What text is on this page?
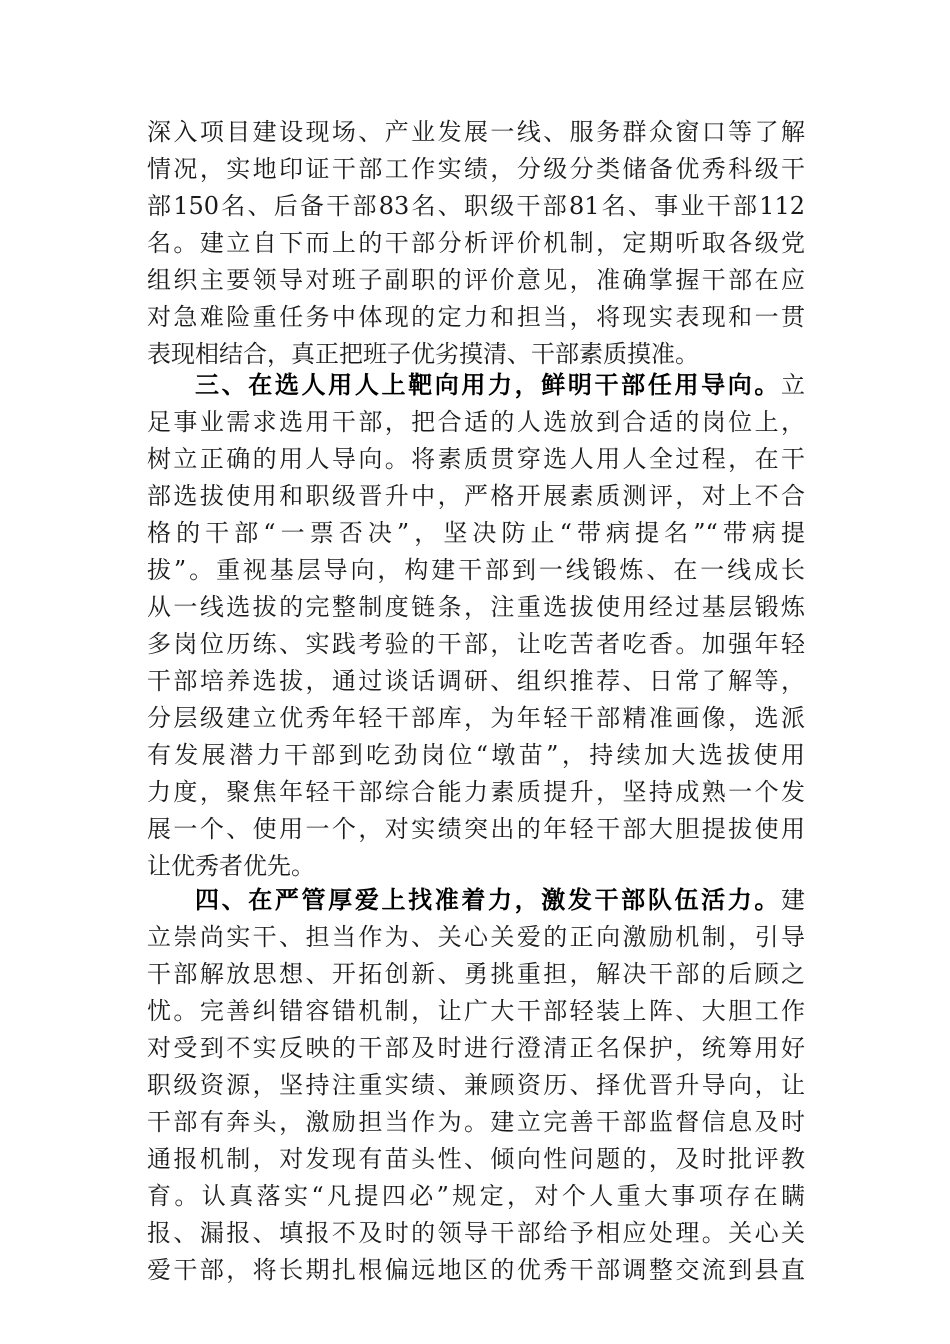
深入项目建设现场、产业发展一线、服务群众窗口等了解
情况，实地印证干部工作实绩，分级分类储备优秀科级干
部150名、后备干部83名、职级干部81名、事业干部112
名。建立自下而上的干部分析评价机制，定期听取各级党
组织主要领导对班子副职的评价意见，准确掌握干部在应
对急难险重任务中体现的定力和担当，将现实表现和一贯
表现相结合，真正把班子优劣摸清、干部素质摸准。
三、在选人用人上靶向用力，鲜明干部任用导向。立
足事业需求选用干部，把合适的人选放到合适的岗位上，
树立正确的用人导向。将素质贯穿选人用人全过程，在干
部选拔使用和职级晋升中，严格开展素质测评，对上不合
格的干部“一票否决”，坚决防止“带病提名”“带病提
拔”。重视基层导向，构建干部到一线锻炼、在一线成长
从一线选拔的完整制度链条，注重选拔使用经过基层锻炼
多岗位历练、实践考验的干部，让吃苦者吃香。加强年轻
干部培养选拔，通过谈话调研、组织推荐、日常了解等，
分层级建立优秀年轻干部库，为年轻干部精准画像，选派
有发展潜力干部到吃劲岗位“墩苗”，持续加大选拔使用
力度，聚焦年轻干部综合能力素质提升，坚持成熟一个发
展一个、使用一个，对实绩突出的年轻干部大胆提拔使用
让优秀者优先。
四、在严管厚爱上找准着力，激发干部队伍活力。建
立崇尚实干、担当作为、关心关爱的正向激励机制，引导
干部解放思想、开拓创新、勇挑重担，解决干部的后顾之
忧。完善纠错容错机制，让广大干部轻装上阵、大胆工作
对受到不实反映的干部及时进行澄清正名保护，统筹用好
职级资源，坚持注重实绩、兼顾资历、择优晋升导向，让
干部有奔头，激励担当作为。建立完善干部监督信息及时
通报机制，对发现有苗头性、倾向性问题的，及时批评教
育。认真落实“凡提四必”规定，对个人重大事项存在瞒
报、漏报、填报不及时的领导干部给予相应处理。关心关
爱干部，将长期扎根偏远地区的优秀干部调整交流到县直
